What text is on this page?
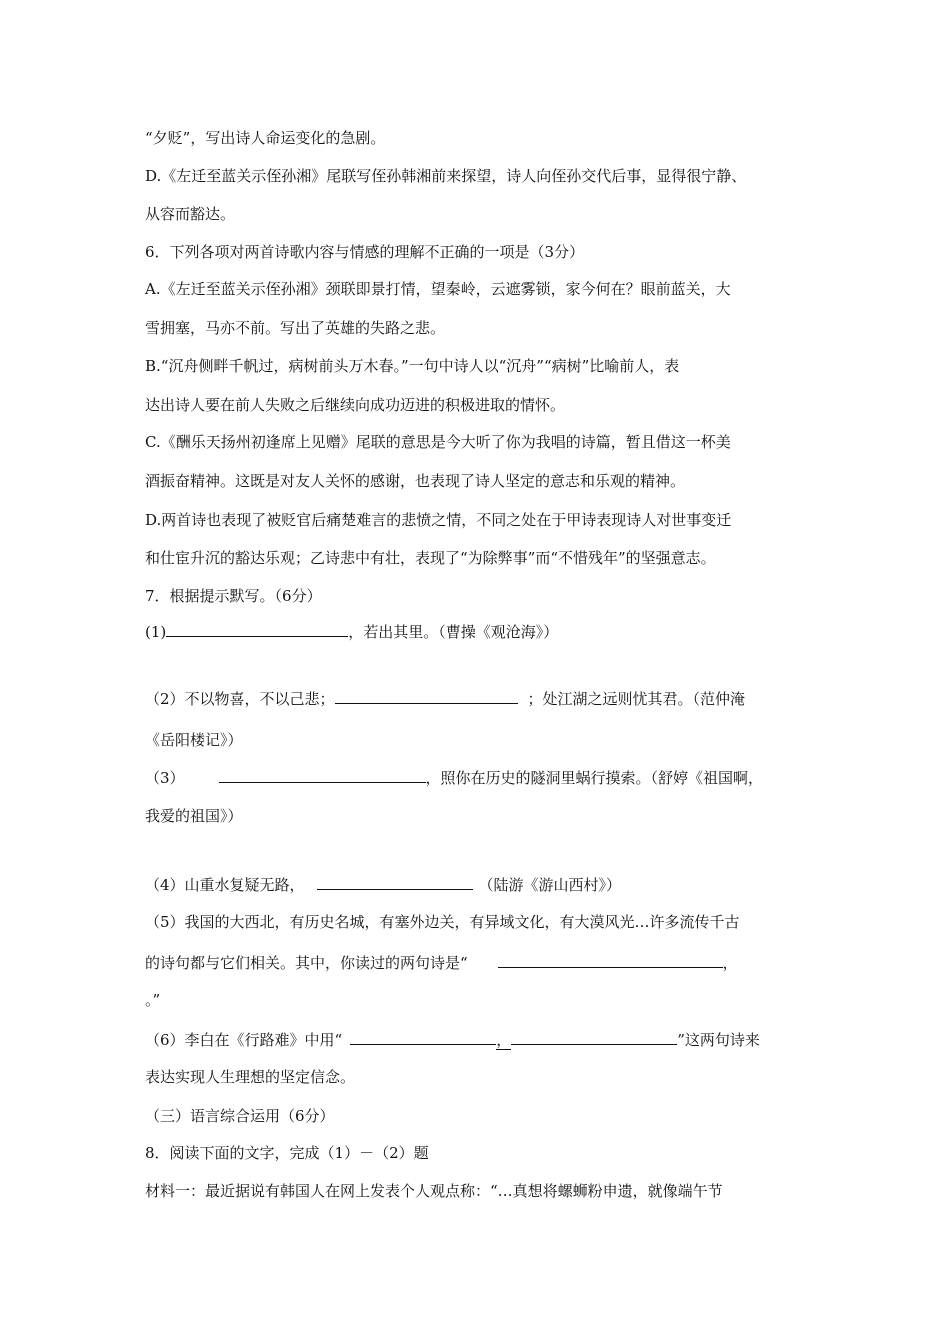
“夕贬”，写出诗人命运变化的急剧。
D.《左迁至蓝关示侄孙湘》尾联写侄孙韩湘前来探望，诗人向侄孙交代后事，显得很宁静、
从容而豁达。
6．下列各项对两首诗歌内容与情感的理解不正确的一项是（3分）
A.《左迁至蓝关示侄孙湘》颈联即景打情，望秦岭，云遮雾锁，家今何在？眼前蓝关，大
雪拥塞，马亦不前。写出了英雄的失路之悲。
B.“沉舟侧畔千帆过，病树前头万木春。”一句中诗人以“沉舟”“病树”比喻前人，表
达出诗人要在前人失败之后继续向成功迈进的积极进取的情怀。
C.《酬乐天扬州初逢席上见赠》尾联的意思是今大听了你为我唱的诗篇，暂且借这一杯美
酒振奋精神。这既是对友人关怀的感谢，也表现了诗人坚定的意志和乐观的精神。
D.两首诗也表现了被贬官后痛楚难言的悲愤之情，不同之处在于甲诗表现诗人对世事变迁
和仕宦升沉的豁达乐观；乙诗悲中有壮，表现了“为除弊事”而“不惜残年”的坚强意志。
7．根据提示默写。（6分）
(1)	，若出其里。（曹操《观沧海》）
（2）不以物喜，不以己悲；	；处江湖之远则忧其君。（范仲淹
《岳阳楼记》）
（3）	，照你在历史的隧洞里蜗行摸索。（舒婷《祖国啊，
我爱的祖国》）
（4）山重水复疑无路，	（陆游《游山西村》）
（5）我国的大西北，有历史名城，有塞外边关，有异域文化，有大漠风光…许多流传千古
的诗句都与它们相关。其中，你读过的两句诗是“	，
。”
（6）李白在《行路难》中用“	，	”这两句诗来
表达实现人生理想的坚定信念。
（三）语言综合运用（6分）
8．阅读下面的文字，完成（1）－（2）题
材料一：最近据说有韩国人在网上发表个人观点称：“…真想将螺蛳粉申遗，就像端午节
